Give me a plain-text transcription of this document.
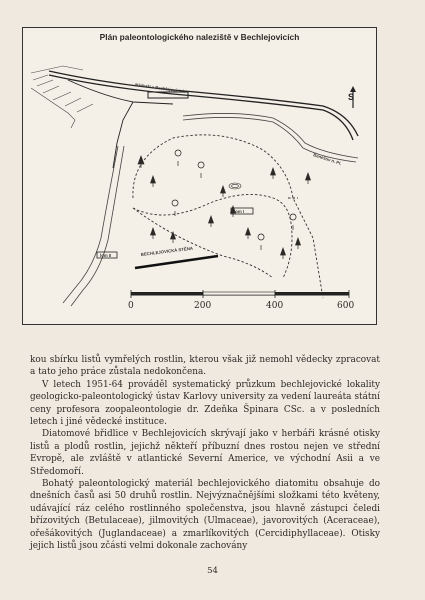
Plán paleontologického naleziště v Bechlejovicích
Nádraží v Bechlejovicích
Benešov n. Pl.
lom I
lom II	BECHLEJOVICKÁ STĚNA
S
0	200	400	600

kou sbírku listů vymřelých rostlin, kterou však již nemohl vědecky zpracovat a tato jeho práce zůstala nedokončena.

V letech 1951-64 prováděl systematický průzkum bechlejovické lokality geologicko-paleontologický ústav Karlovy university za vedení laureáta státní ceny profesora zoopaleontologie dr. Zdeňka Špinara CSc. a v posledních letech i jiné vědecké instituce.

Diatomové břidlice v Bechlejovicích skrývají jako v herbáři krásné otisky listů a plodů rostlin, jejichž někteří příbuzní dnes rostou nejen ve střední Evropě, ale zvláště v atlantické Severní Americe, ve východní Asii a ve Středomoří.

Bohatý paleontologický materiál bechlejovického diatomitu obsahuje do dnešních časů asi 50 druhů rostlin. Nejvýznačnějšími složkami této květeny, udávající ráz celého rostlinného společenstva, jsou hlavně zástupci čeledi břízovitých (Betulaceae), jilmovitých (Ulmaceae), javorovitých (Aceraceae), ořešákovitých (Juglandaceae) a zmarlíkovitých (Cercidiphyllaceae). Otisky jejich listů jsou zčásti velmi dokonale zachovány

54
